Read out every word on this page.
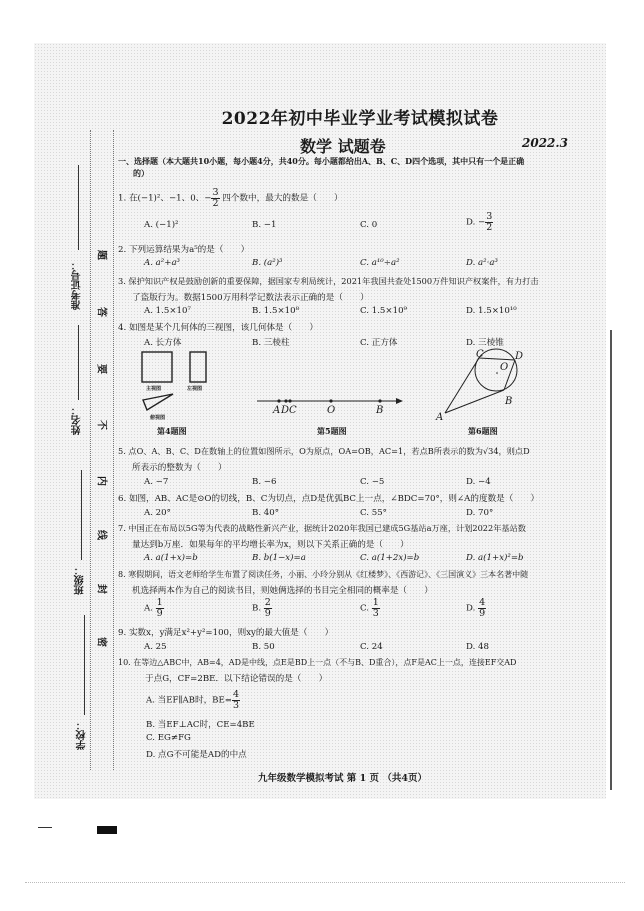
准考证号：
姓名：
班级：
学校：
题
答
要
不
内
线
封
密
2022年初中毕业学业考试模拟试卷
数学 试题卷	2022.3
一、选择题（本大题共10小题，每小题4分，共40分。每小题都给出A、B、C、D四个选项，其中只有一个是正确
的）
1. 在(−1)²、−1、0、− $\frac{3}{2}$ 四个数中，最大的数是（　　）
A. (−1)²	B. −1	C. 0	D. − $\frac{3}{2}$
2. 下列运算结果为a⁵的是（　　）
A. a²+a³	B. (a²)³	C. a¹⁰÷a²	D. a²·a³
3. 保护知识产权是鼓励创新的重要保障，据国家专利局统计，2021年我国共查处1500万件知识产权案件，有力打击
了盗版行为。数据1500万用科学记数法表示正确的是（　　）
A. 1.5×10⁷	B. 1.5×10⁸	C. 1.5×10⁹	D. 1.5×10¹⁰
4. 如图是某个几何体的三视图，该几何体是（　　）
A. 长方体	B. 三棱柱	C. 正方体	D. 三棱锥
主视图	左视图
俯视图
第4题图
A D C	O	B
第5题图
C	D
O
B
A
第6题图
5. 点O、A、B、C、D在数轴上的位置如图所示，O为原点，OA=OB，AC=1，若点B所表示的数为√34，则点D
所表示的整数为（　　）
A. −7	B. −6	C. −5	D. −4
6. 如图，AB、AC是⊙O的切线，B、C为切点，点D是优弧BC上一点，∠BDC=70°，则∠A的度数是（　　）
A. 20°	B. 40°	C. 55°	D. 70°
7. 中国正在布局以5G等为代表的战略性新兴产业，据统计2020年我国已建成5G基站a万座，计划2022年基站数
量达到b万座．如果每年的平均增长率为x，则以下关系正确的是（　　）
A. a(1+x)=b	B. b(1−x)=a	C. a(1+2x)=b	D. a(1+x)²=b
8. 寒假期间，语文老师给学生布置了阅读任务，小丽、小玲分别从《红楼梦》、《西游记》、《三国演义》三本名著中随
机选择两本作为自己的阅读书目，则她俩选择的书目完全相同的概率是（　　）
A. $\frac{1}{9}$	B. $\frac{2}{9}$	C. $\frac{1}{3}$	D. $\frac{4}{9}$
9. 实数x，y满足x²+y²=100，则xy的最大值是（　　）
A. 25	B. 50	C. 24	D. 48
10. 在等边△ABC中，AB=4，AD是中线，点E是BD上一点（不与B、D重合），点F是AC上一点，连接EF交AD
于点G，CF=2BE．以下结论错误的是（　　）
A. 当EF∥AB时，$BE= \frac{4}{3}$
B. 当EF⊥AC时，CE=4BE
C. EG≠FG
D. 点G不可能是AD的中点
九年级数学模拟考试 第 1 页 （共4页）
